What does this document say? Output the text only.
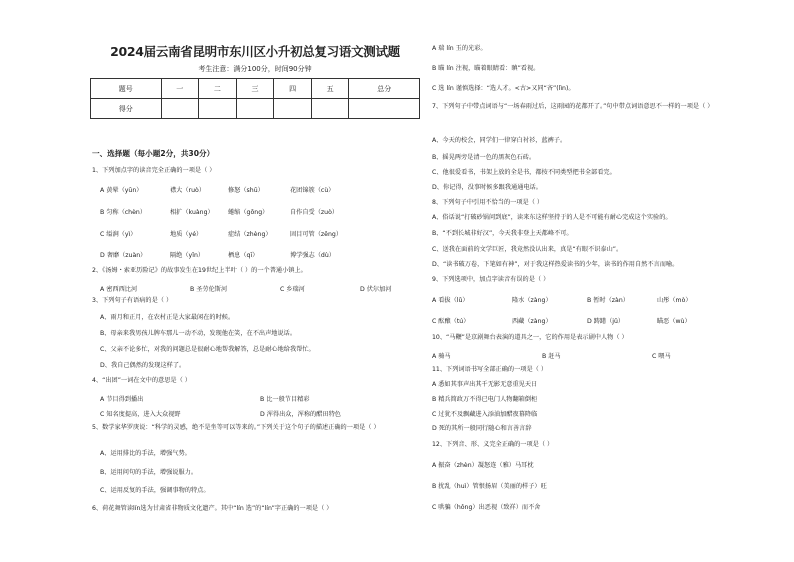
2024届云南省昆明市东川区小升初总复习语文测试题
考生注意：满分100分，时间90分钟
题号	一	二	三	四	五	总分
得分						
一、选择题（每小题2分，共30分）
1、下列加点字的读音完全正确的一项是（ ）
A 黄晕（yūn）	襟大（ruò）	修怒（shū）	花团锦簇（cù）
B 匀称（chèn）	相扩（kuàng） 蜷缩（gōng）	自作自受（zuò）
C 缢涧（yì）	地质（yé）	症结（zhèng）	固目可管（zēng）
D 奢靡（zuàn）	隔绝（yǐn）	栖息（qī）	博学强志（dù）
2、《汤姆・索亚历险记》的故事发生在19世纪上半叶（ ）的一个普通小镇上。
A 密西西比河	B 圣劳伦斯河	C 乡瑞河	D 伏尔加河
3、下列句子有语病的是（ ）
A、雨月和正月，在农村正是大家最闲在的时候。
B、母亲来我男孩儿牌车那儿一动不动，发现他在笑，在不出声地说话。
C、父亲不论多忙，对我的问题总是很耐心地帮我解答，总是耐心地给我帮忙。
D、我自己偶然的发现这样了。
4、“出团”一词在文中的意思是（ ）
A 节目得到播出	B 比一般节目精彩
C 知名度提高，进入大众视野	D 浑得出众，浑称的醋田特色
5、数学家华罗庚说：“科学的灵感，绝不是坐等可以等来的。”下列关于这个句子的描述正确的一项是（ ）
A、运用排比的手法，增强气势。
B、运用问句的手法，增强说服力。
C、运用反复的手法，强调事物的特点。
6、荷花舞管读lín选为甘肃省非物质文化遗产。其中“lín 选”的“lín”字正确的一项是（ ）
A 瑞 lín 玉的光彩。
B 瞄 lín 注视，瞄着眼睛看：瞋”看视。
C 选 lín 谨慎选择：“选人才。<古>又同“吝”(lìn)。
7、下列句子中带点词语与“一场春雨过后，这雨园的花都开了。”句中带点词语意思不一样的一项是（ ）
A、今天的校会，同学们一律穿白衬衫，蓝裤子。
B、摇晃两旁是清一色的黑灰色石砖。
C、他很爱看书，书架上放的全是书，都按不同类型把书全部看完。
D、你记得，没事时候多跟我通通电话。
8、下列句子中引用不恰当的一项是（ ）
A、俗话说“打破砂锅问到底”，读来东这样坚持于的人是不可能有耐心完成这个实验的。
B、“不到长城非好汉”，今天我非登上天都峰不可。
C、送我在面前的文学巨匠，我竟然没认出来，真是“有眼不识泰山”。
D、“读书破万卷，下笔如有神”，对于我这样热爱读书的少年，读书的作用自然不言而喻。
9、下列选项中，加点字读音有误的是（ ）
A 看拔（lǔ）	隆水（zàng）	B 暂时（zàn）	山彤（mò）
C 酝酿（tú）	西藏（zàng）	D 踌躇（jǔ）	瞄恶（wù）
10、“马鞭”是京剧舞台表演的道具之一，它的作用是表示剧中人物（ ）
A 骑马	B 赶马	C 喂马
11、下列词语书写全部正确的一项是（ ）
A 悉如其事声出其千无影无意重见天日
B 精兵简政万不得已电门人物翻箱倒柜
C 过犹不及飘藏进入添油加醋夜幕降临
D 死的其所一般同行随心和言善言辞
12、下列音、形、义完全正确的一项是（ ）
A 振奋（zhèn）凝怒连（雅）马耳枕
B 扰乱（huì）管恨扬眉（美丽的样子）旺
C 哄骗（hǒng）出恶视（致祥）而不舍
